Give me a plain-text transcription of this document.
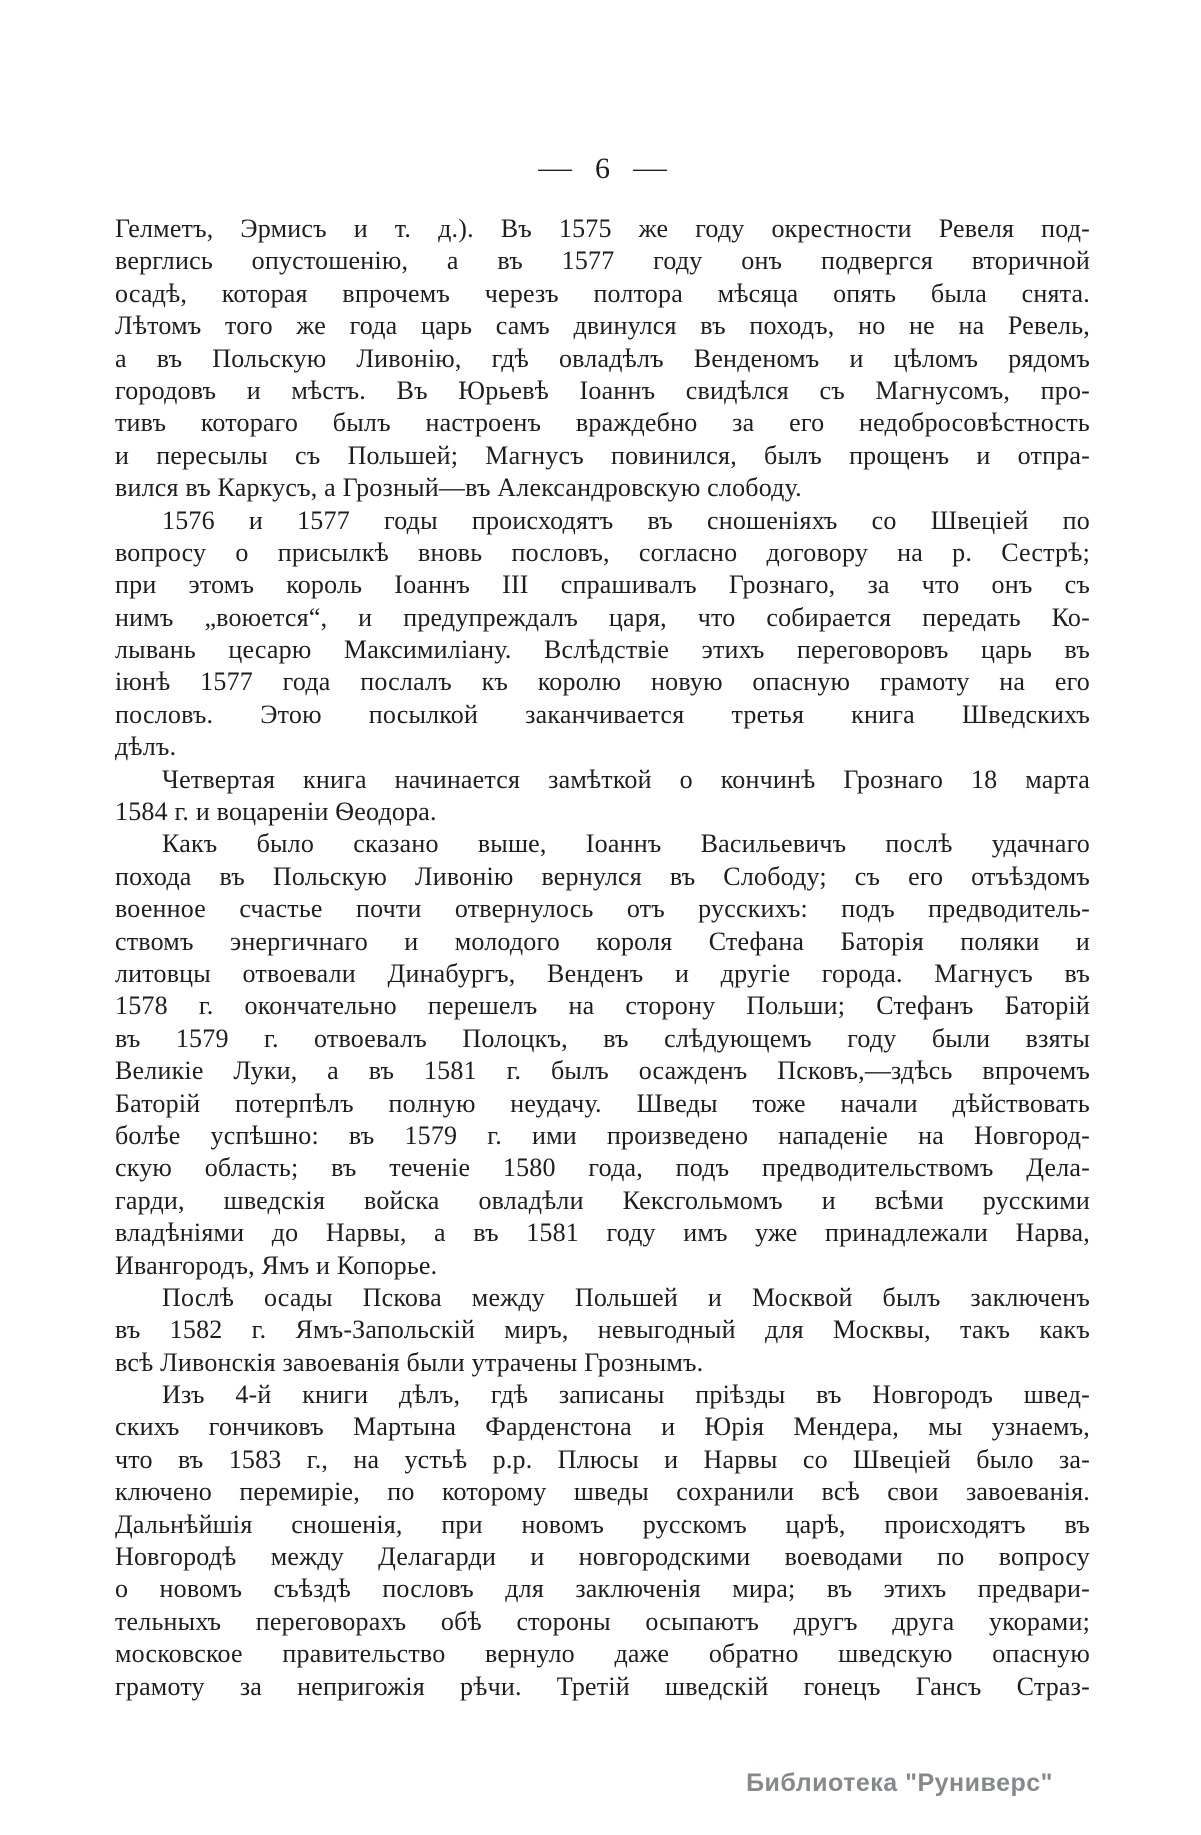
— 6 —
Гелметъ, Эрмисъ и т. д.). Въ 1575 же году окрестности Ревеля под-
верглись опустошенію, а въ 1577 году онъ подвергся вторичной
осадѣ, которая впрочемъ черезъ полтора мѣсяца опять была снята.
Лѣтомъ того же года царь самъ двинулся въ походъ, но не на Ревель,
а въ Польскую Ливонію, гдѣ овладѣлъ Венденомъ и цѣломъ рядомъ
городовъ и мѣстъ. Въ Юрьевѣ Іоаннъ свидѣлся съ Магнусомъ, про-
тивъ котораго былъ настроенъ враждебно за его недобросовѣстность
и пересылы съ Польшей; Магнусъ повинился, былъ прощенъ и отпра-
вился въ Каркусъ, а Грозный—въ Александровскую слободу.
1576 и 1577 годы происходятъ въ сношеніяхъ со Швеціей по
вопросу о присылкѣ вновь пословъ, согласно договору на р. Сестрѣ;
при этомъ король Іоаннъ III спрашивалъ Грознаго, за что онъ съ
нимъ „воюется“, и предупреждалъ царя, что собирается передать Ко-
лывань цесарю Максимиліану. Вслѣдствіе этихъ переговоровъ царь въ
іюнѣ 1577 года послалъ къ королю новую опасную грамоту на его
пословъ. Этою посылкой заканчивается третья книга Шведскихъ
дѣлъ.
Четвертая книга начинается замѣткой о кончинѣ Грознаго 18 марта
1584 г. и воцареніи Ѳеодора.
Какъ было сказано выше, Іоаннъ Васильевичъ послѣ удачнаго
похода въ Польскую Ливонію вернулся въ Слободу; съ его отъѣздомъ
военное счастье почти отвернулось отъ русскихъ: подъ предводитель-
ствомъ энергичнаго и молодого короля Стефана Баторія поляки и
литовцы отвоевали Динабургъ, Венденъ и другіе города. Магнусъ въ
1578 г. окончательно перешелъ на сторону Польши; Стефанъ Баторій
въ 1579 г. отвоевалъ Полоцкъ, въ слѣдующемъ году были взяты
Великіе Луки, а въ 1581 г. былъ осажденъ Псковъ,—здѣсь впрочемъ
Баторій потерпѣлъ полную неудачу. Шведы тоже начали дѣйствовать
болѣе успѣшно: въ 1579 г. ими произведено нападеніе на Новгород-
скую область; въ теченіе 1580 года, подъ предводительствомъ Дела-
гарди, шведскія войска овладѣли Кексгольмомъ и всѣми русскими
владѣніями до Нарвы, а въ 1581 году имъ уже принадлежали Нарва,
Ивангородъ, Ямъ и Копорье.
Послѣ осады Пскова между Польшей и Москвой былъ заключенъ
въ 1582 г. Ямъ-Запольскій миръ, невыгодный для Москвы, такъ какъ
всѣ Ливонскія завоеванія были утрачены Грознымъ.
Изъ 4-й книги дѣлъ, гдѣ записаны пріѣзды въ Новгородъ швед-
скихъ гончиковъ Мартына Фарденстона и Юрія Мендера, мы узнаемъ,
что въ 1583 г., на устьѣ р.р. Плюсы и Нарвы со Швеціей было за-
ключено перемиріе, по которому шведы сохранили всѣ свои завоеванія.
Дальнѣйшія сношенія, при новомъ русскомъ царѣ, происходятъ въ
Новгородѣ между Делагарди и новгородскими воеводами по вопросу
о новомъ съѣздѣ пословъ для заключенія мира; въ этихъ предвари-
тельныхъ переговорахъ обѣ стороны осыпаютъ другъ друга укорами;
московское правительство вернуло даже обратно шведскую опасную
грамоту за непригожія рѣчи. Третій шведскій гонецъ Гансъ Страз-
Библиотека "Руниверс"
